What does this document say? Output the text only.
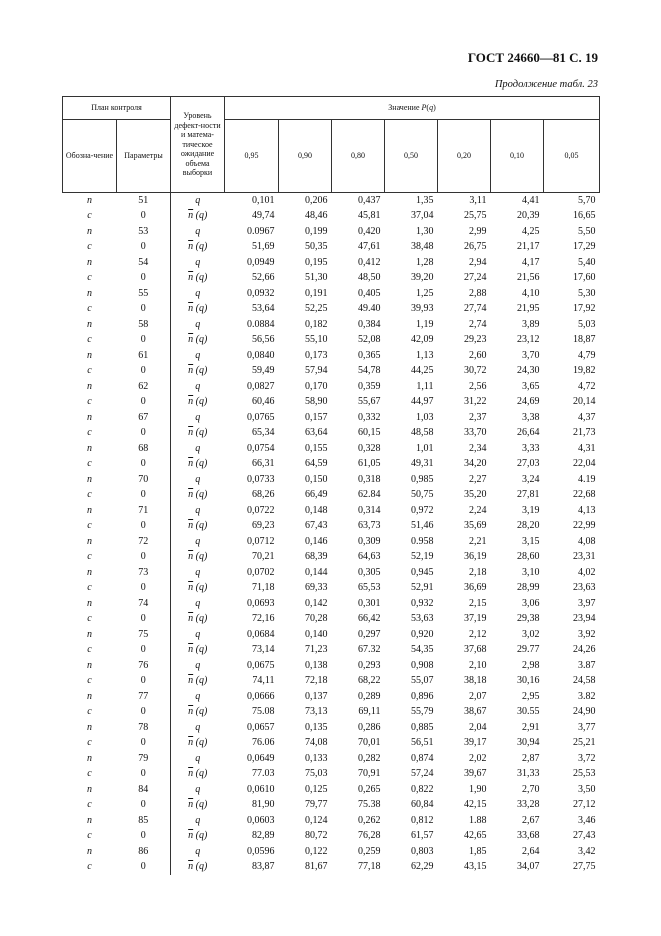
ГОСТ 24660—81 С. 19
Продолжение табл. 23
План контроля		Уровень дефект-ности и матема-тическое ожидание объема выборки	Значение P(q)						
Обозна-чение	Параметры		0,95	0,90	0,80	0,50	0,20	0,10	0,05
n	51	q	0,101	0,206	0,437	1,35	3,11	4,41	5,70
c	0	$\overline{n}$ (q)	49,74	48,46	45,81	37,04	25,75	20,39	16,65
n	53	q	0.0967	0,199	0,420	1,30	2,99	4,25	5,50
c	0	$\overline{n}$ (q)	51,69	50,35	47,61	38,48	26,75	21,17	17,29
n	54	q	0,0949	0,195	0,412	1,28	2,94	4,17	5,40
c	0	$\overline{n}$ (q)	52,66	51,30	48,50	39,20	27,24	21,56	17,60
n	55	q	0,0932	0,191	0,405	1,25	2,88	4,10	5,30
c	0	$\overline{n}$ (q)	53,64	52,25	49.40	39,93	27,74	21,95	17,92
n	58	q	0.0884	0,182	0,384	1,19	2,74	3,89	5,03
c	0	$\overline{n}$ (q)	56,56	55,10	52,08	42,09	29,23	23,12	18,87
n	61	q	0,0840	0,173	0,365	1,13	2,60	3,70	4,79
c	0	$\overline{n}$ (q)	59,49	57,94	54,78	44,25	30,72	24,30	19,82
n	62	q	0,0827	0,170	0,359	1,11	2,56	3,65	4,72
c	0	$\overline{n}$ (q)	60,46	58,90	55,67	44,97	31,22	24,69	20,14
n	67	q	0,0765	0,157	0,332	1,03	2,37	3,38	4,37
c	0	$\overline{n}$ (q)	65,34	63,64	60,15	48,58	33,70	26,64	21,73
n	68	q	0,0754	0,155	0,328	1,01	2,34	3,33	4,31
c	0	$\overline{n}$ (q)	66,31	64,59	61,05	49,31	34,20	27,03	22,04
n	70	q	0,0733	0,150	0,318	0,985	2,27	3,24	4.19
c	0	$\overline{n}$ (q)	68,26	66,49	62.84	50,75	35,20	27,81	22,68
n	71	q	0,0722	0,148	0,314	0,972	2,24	3,19	4,13
c	0	$\overline{n}$ (q)	69,23	67,43	63,73	51,46	35,69	28,20	22,99
n	72	q	0,0712	0,146	0,309	0.958	2,21	3,15	4,08
c	0	$\overline{n}$ (q)	70,21	68,39	64,63	52,19	36,19	28,60	23,31
n	73	q	0,0702	0,144	0,305	0,945	2,18	3,10	4,02
c	0	$\overline{n}$ (q)	71,18	69,33	65,53	52,91	36,69	28,99	23,63
n	74	q	0,0693	0,142	0,301	0,932	2,15	3,06	3,97
c	0	$\overline{n}$ (q)	72,16	70,28	66,42	53,63	37,19	29,38	23,94
n	75	q	0,0684	0,140	0,297	0,920	2,12	3,02	3,92
c	0	$\overline{n}$ (q)	73,14	71,23	67.32	54,35	37,68	29.77	24,26
n	76	q	0,0675	0,138	0,293	0,908	2,10	2,98	3.87
c	0	$\overline{n}$ (q)	74,11	72,18	68,22	55,07	38,18	30,16	24,58
n	77	q	0,0666	0,137	0,289	0,896	2,07	2,95	3.82
c	0	$\overline{n}$ (q)	75.08	73,13	69,11	55,79	38,67	30.55	24,90
n	78	q	0,0657	0,135	0,286	0,885	2,04	2,91	3,77
c	0	$\overline{n}$ (q)	76.06	74,08	70,01	56,51	39,17	30,94	25,21
n	79	q	0,0649	0,133	0,282	0,874	2,02	2,87	3,72
c	0	$\overline{n}$ (q)	77.03	75,03	70,91	57,24	39,67	31,33	25,53
n	84	q	0,0610	0,125	0,265	0,822	1,90	2,70	3,50
c	0	$\overline{n}$ (q)	81,90	79,77	75.38	60,84	42,15	33,28	27,12
n	85	q	0,0603	0,124	0,262	0,812	1.88	2,67	3,46
c	0	$\overline{n}$ (q)	82,89	80,72	76,28	61,57	42,65	33,68	27,43
n	86	q	0,0596	0,122	0,259	0,803	1,85	2,64	3,42
c	0	$\overline{n}$ (q)	83,87	81,67	77,18	62,29	43,15	34,07	27,75
